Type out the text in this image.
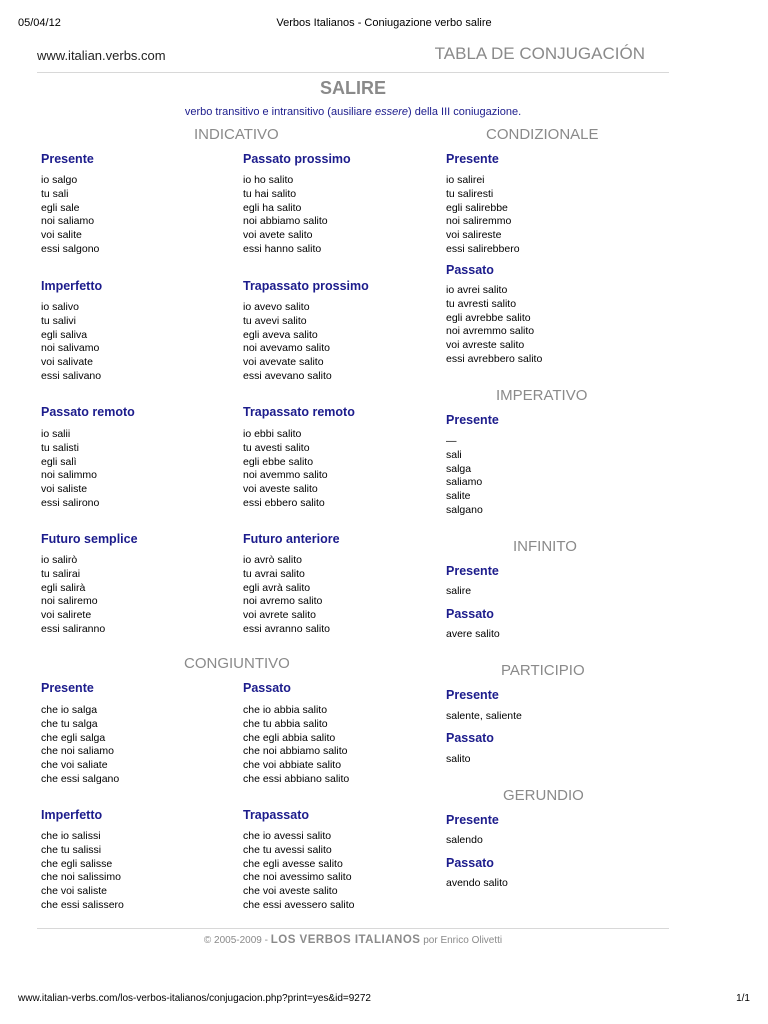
05/04/12	Verbos Italianos - Coniugazione verbo salire
www.italian.verbs.com	TABLA DE CONJUGACIÓN
SALIRE
verbo transitivo e intransitivo (ausiliare essere) della III coniugazione.
INDICATIVO
Presente
io salgo
tu sali
egli sale
noi saliamo
voi salite
essi salgono
Passato prossimo
io ho salito
tu hai salito
egli ha salito
noi abbiamo salito
voi avete salito
essi hanno salito
Imperfetto
io salivo
tu salivi
egli saliva
noi salivamo
voi salivate
essi salivano
Trapassato prossimo
io avevo salito
tu avevi salito
egli aveva salito
noi avevamo salito
voi avevate salito
essi avevano salito
Passato remoto
io salii
tu salisti
egli salì
noi salimmo
voi saliste
essi salirono
Trapassato remoto
io ebbi salito
tu avesti salito
egli ebbe salito
noi avemmo salito
voi aveste salito
essi ebbero salito
Futuro semplice
io salirò
tu salirai
egli salirà
noi saliremo
voi salirete
essi saliranno
Futuro anteriore
io avrò salito
tu avrai salito
egli avrà salito
noi avremo salito
voi avrete salito
essi avranno salito
CONGIUNTIVO
Presente
che io salga
che tu salga
che egli salga
che noi saliamo
che voi saliate
che essi salgano
Passato
che io abbia salito
che tu abbia salito
che egli abbia salito
che noi abbiamo salito
che voi abbiate salito
che essi abbiano salito
Imperfetto
che io salissi
che tu salissi
che egli salisse
che noi salissimo
che voi saliste
che essi salissero
Trapassato
che io avessi salito
che tu avessi salito
che egli avesse salito
che noi avessimo salito
che voi aveste salito
che essi avessero salito
CONDIZIONALE
Presente
io salirei
tu saliresti
egli salirebbe
noi saliremmo
voi salireste
essi salirebbero
Passato
io avrei salito
tu avresti salito
egli avrebbe salito
noi avremmo salito
voi avreste salito
essi avrebbero salito
IMPERATIVO
Presente
—
sali
salga
saliamo
salite
salgano
INFINITO
Presente
salire
Passato
avere salito
PARTICIPIO
Presente
salente, saliente
Passato
salito
GERUNDIO
Presente
salendo
Passato
avendo salito
© 2005-2009 - LOS VERBOS ITALIANOS por Enrico Olivetti
www.italian-verbs.com/los-verbos-italianos/conjugacion.php?print=yes&id=9272	1/1
